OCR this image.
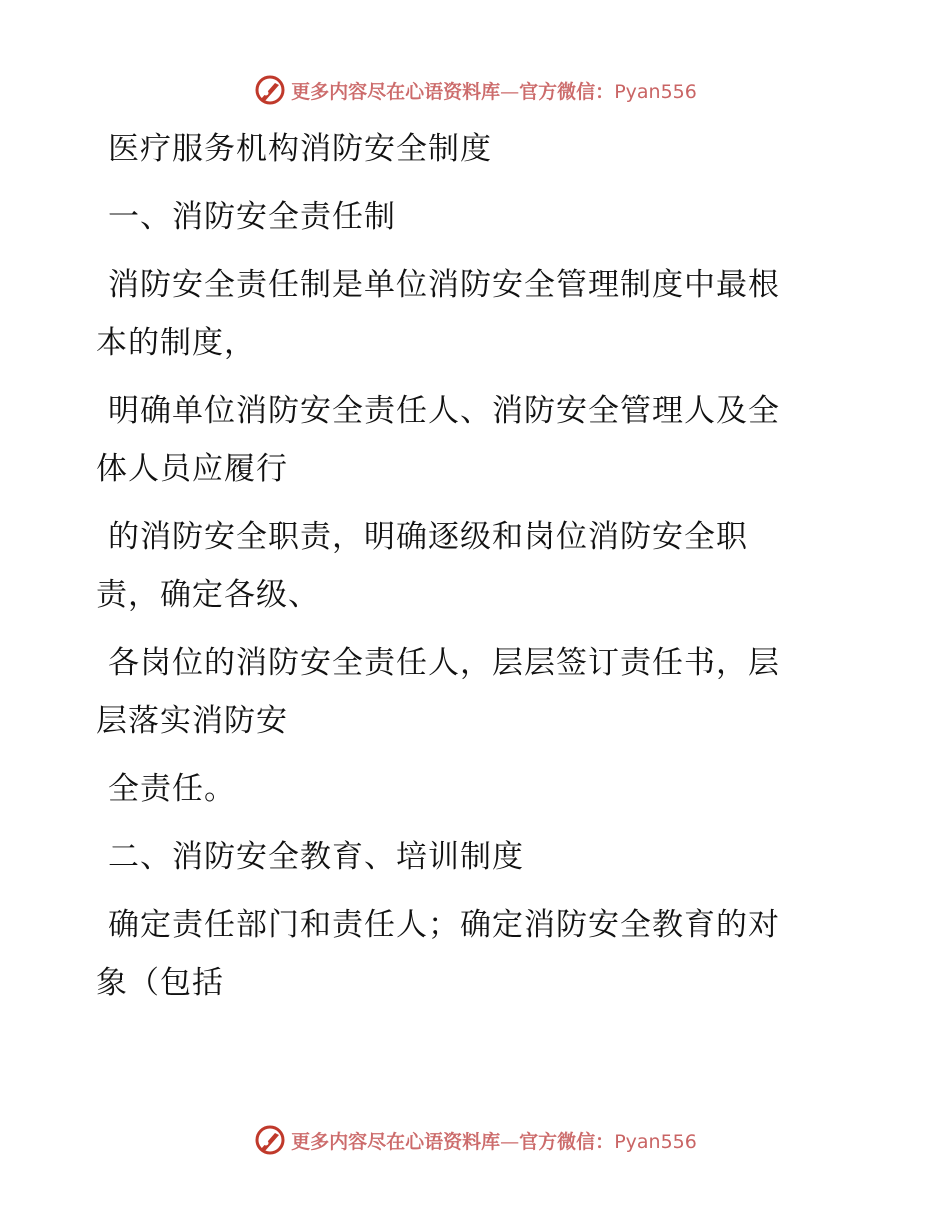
更多内容尽在心语资料库—官方微信：Pyan556
医疗服务机构消防安全制度
一、消防安全责任制
消防安全责任制是单位消防安全管理制度中最根
本的制度，
明确单位消防安全责任人、消防安全管理人及全
体人员应履行
的消防安全职责，明确逐级和岗位消防安全职
责，确定各级、
各岗位的消防安全责任人，层层签订责任书，层
层落实消防安
全责任。
二、消防安全教育、培训制度
确定责任部门和责任人；确定消防安全教育的对
象（包括
更多内容尽在心语资料库—官方微信：Pyan556
